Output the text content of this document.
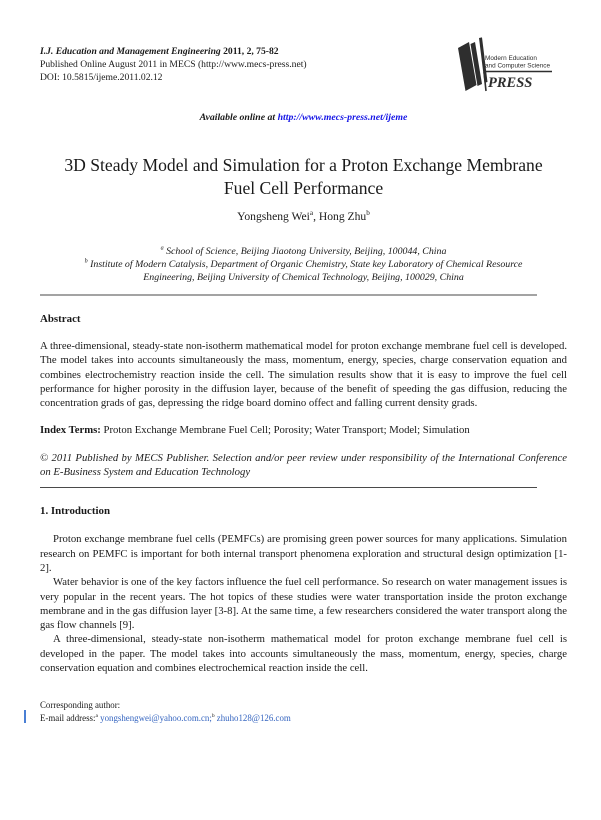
I.J. Education and Management Engineering 2011, 2, 75-82
Published Online August 2011 in MECS (http://www.mecs-press.net)
DOI: 10.5815/ijeme.2011.02.12
Modern Education
and Computer Science
PRESS
Available online at http://www.mecs-press.net/ijeme
3D Steady Model and Simulation for a Proton Exchange Membrane
Fuel Cell Performance
Yongsheng Wei$^a$, Hong Zhu$^b$
$^a$ School of Science, Beijing Jiaotong University, Beijing, 100044, China
$^b$ Institute of Modern Catalysis, Department of Organic Chemistry, State key Laboratory of Chemical Resource
Engineering, Beijing University of Chemical Technology, Beijing, 100029, China
Abstract

A three-dimensional, steady-state non-isotherm mathematical model for proton exchange membrane fuel cell is developed. The model takes into accounts simultaneously the mass, momentum, energy, species, charge conservation equation and combines electrochemistry reaction inside the cell. The simulation results show that it is easy to improve the fuel cell performance for higher porosity in the diffusion layer, because of the benefit of speeding the gas diffusion, reducing the concentration grads of gas, depressing the ridge board domino offect and falling current density grads.

Index Terms: Proton Exchange Membrane Fuel Cell; Porosity; Water Transport; Model; Simulation

© 2011 Published by MECS Publisher. Selection and/or peer review under responsibility of the International Conference on E-Business System and Education Technology

1. Introduction

Proton exchange membrane fuel cells (PEMFCs) are promising green power sources for many applications. Simulation research on PEMFC is important for both internal transport phenomena exploration and structural design optimization [1-2].

Water behavior is one of the key factors influence the fuel cell performance. So research on water management issues is very popular in the recent years. The hot topics of these studies were water transportation inside the proton exchange membrane and in the gas diffusion layer [3-8]. At the same time, a few researchers considered the water transport along the gas flow channels [9].

A three-dimensional, steady-state non-isotherm mathematical model for proton exchange membrane fuel cell is developed in the paper. The model takes into accounts simultaneously the mass, momentum, energy, species, charge conservation equation and combines electrochemical reaction inside the cell.

Corresponding author:
E-mail address:$^a$ yongshengwei@yahoo.com.cn;$^b$ zhuho128@126.com
